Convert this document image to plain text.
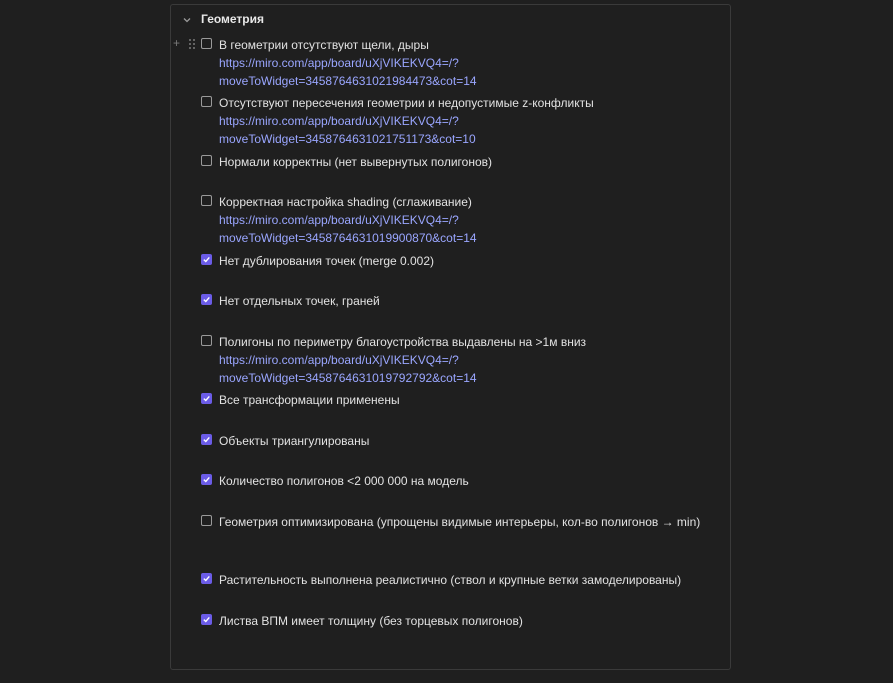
Геометрия
+	В геометрии отсутствуют щели, дыры
https://miro.com/app/board/uXjVIKEKVQ4=/?
moveToWidget=3458764631021984473&cot=14
Отсутствуют пересечения геометрии и недопустимые z-конфликты
https://miro.com/app/board/uXjVIKEKVQ4=/?
moveToWidget=3458764631021751173&cot=10
Нормали корректны (нет вывернутых полигонов)
Корректная настройка shading (сглаживание)
https://miro.com/app/board/uXjVIKEKVQ4=/?
moveToWidget=3458764631019900870&cot=14
Нет дублирования точек (merge 0.002)
Нет отдельных точек, граней
Полигоны по периметру благоустройства выдавлены на >1м вниз
https://miro.com/app/board/uXjVIKEKVQ4=/?
moveToWidget=3458764631019792792&cot=14
Все трансформации применены
Объекты триангулированы
Количество полигонов <2 000 000 на модель
Геометрия оптимизирована (упрощены видимые интерьеры, кол-во полигонов → min)
Растительность выполнена реалистично (ствол и крупные ветки замоделированы)
Листва ВПМ имеет толщину (без торцевых полигонов)
